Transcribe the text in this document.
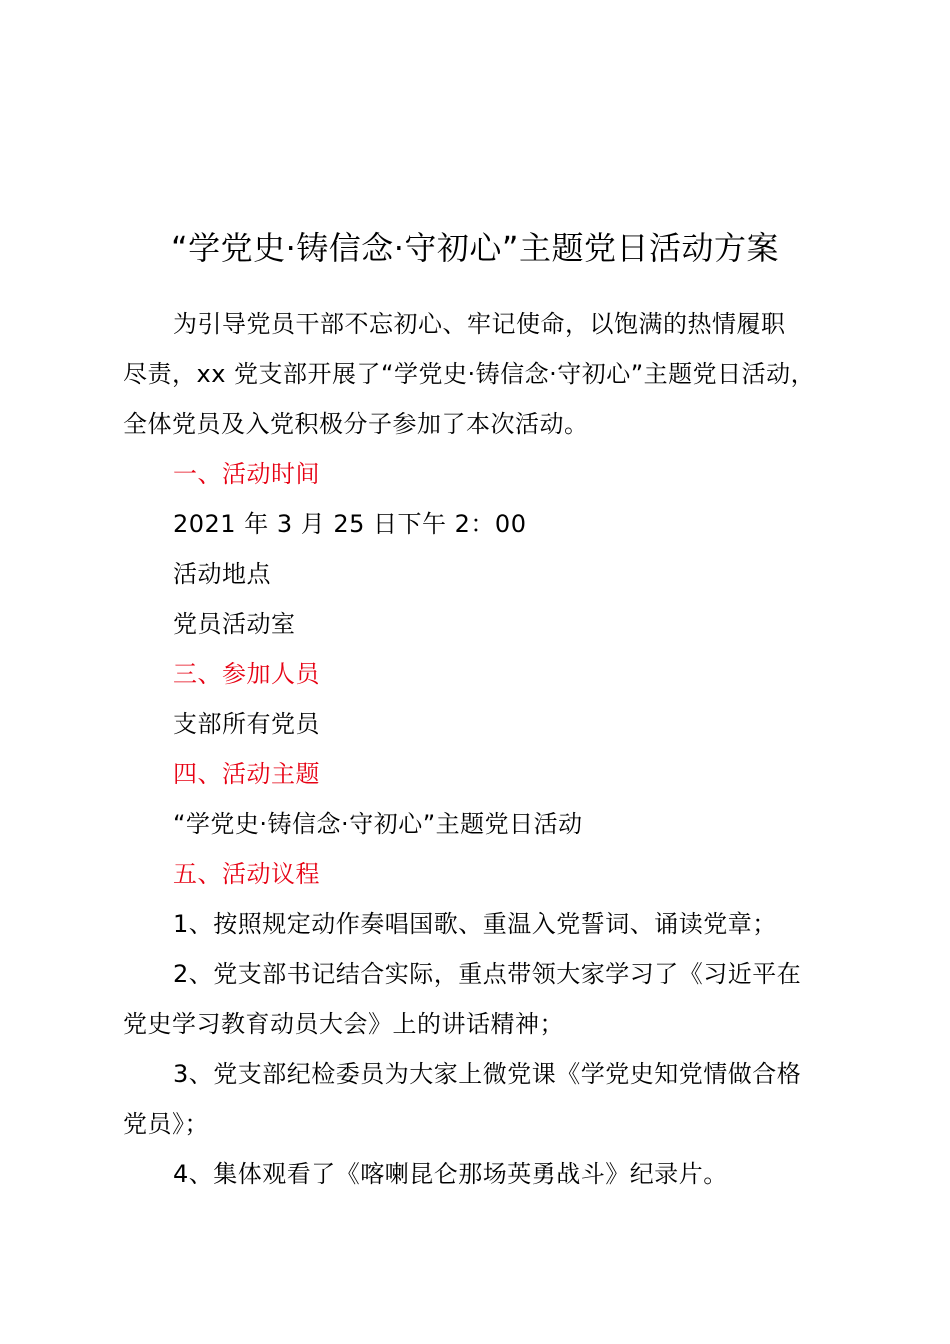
“学党史·铸信念·守初心”主题党日活动方案
为引导党员干部不忘初心、牢记使命，以饱满的热情履职
尽责，xx 党支部开展了“学党史·铸信念·守初心”主题党日活动，
全体党员及入党积极分子参加了本次活动。
一、活动时间
2021 年 3 月 25 日下午 2：00
活动地点
党员活动室
三、参加人员
支部所有党员
四、活动主题
“学党史·铸信念·守初心”主题党日活动
五、活动议程
1、按照规定动作奏唱国歌、重温入党誓词、诵读党章；
2、党支部书记结合实际，重点带领大家学习了《习近平在
党史学习教育动员大会》上的讲话精神；
3、党支部纪检委员为大家上微党课《学党史知党情做合格
党员》；
4、集体观看了《喀喇昆仑那场英勇战斗》纪录片。
